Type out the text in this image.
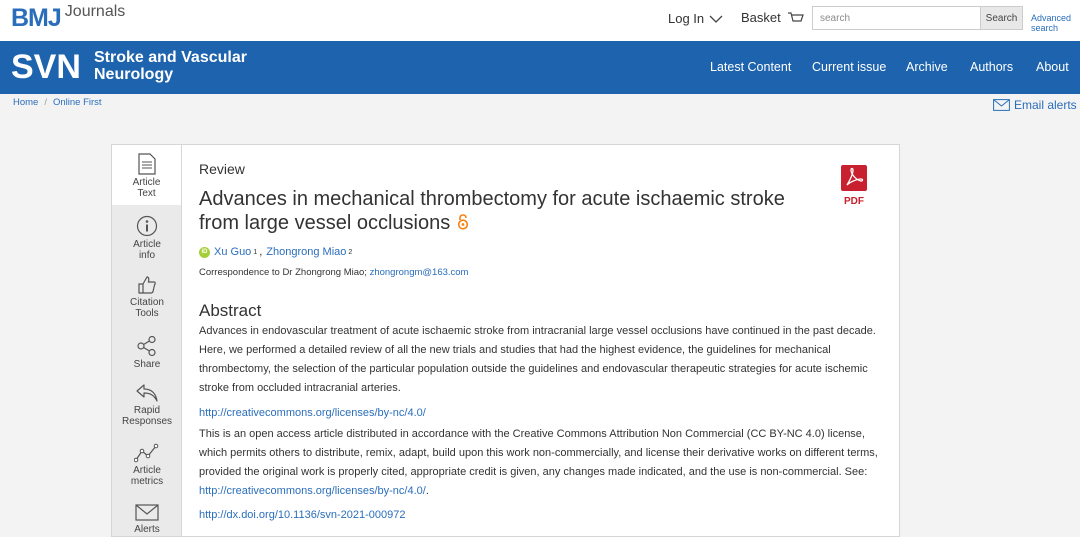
BMJ Journals	Log In	Basket
search	Search	Advanced search
SVN Stroke and Vascular
Neurology	Latest Content Current issue Archive Authors About
Home / Online First	Email alerts
Article
Text
Article
info
Citation
Tools
Share
Rapid
Responses
Article
metrics
Alerts
Review
Advances in mechanical thrombectomy for acute ischaemic stroke from large vessel occlusions
PDF
iD Xu Guo 1 , Zhongrong Miao 2
Correspondence to Dr Zhongrong Miao; zhongrongm@163.com
Abstract
Advances in endovascular treatment of acute ischaemic stroke from intracranial large vessel occlusions have continued in the past decade. Here, we performed a detailed review of all the new trials and studies that had the highest evidence, the guidelines for mechanical thrombectomy, the selection of the particular population outside the guidelines and endovascular therapeutic strategies for acute ischemic stroke from occluded intracranial arteries.
http://creativecommons.org/licenses/by-nc/4.0/
This is an open access article distributed in accordance with the Creative Commons Attribution Non Commercial (CC BY-NC 4.0) license, which permits others to distribute, remix, adapt, build upon this work non-commercially, and license their derivative works on different terms, provided the original work is properly cited, appropriate credit is given, any changes made indicated, and the use is non-commercial. See: http://creativecommons.org/licenses/by-nc/4.0/.
http://dx.doi.org/10.1136/svn-2021-000972
